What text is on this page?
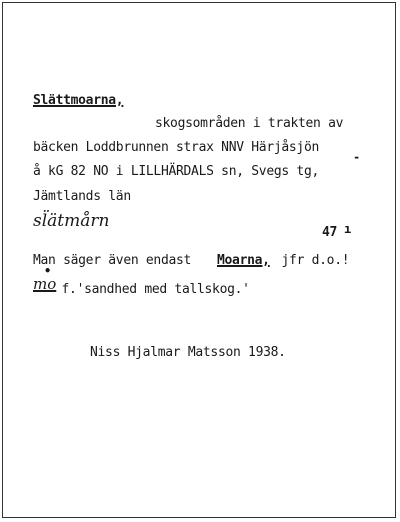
Slättmoarna,
skogsområden i trakten av
bäcken Loddbrunnen strax NNV Härjåsjön
å kG 82 NO i LILLHÄRDALS sn, Svegs tg,
-
Jämtlands län
sl̈ätmårn
47 ı
Man säger även endast Moarna, jfr d.o.!
•
mo
f.'sandhed med tallskog.'
Niss Hjalmar Matsson 1938.
